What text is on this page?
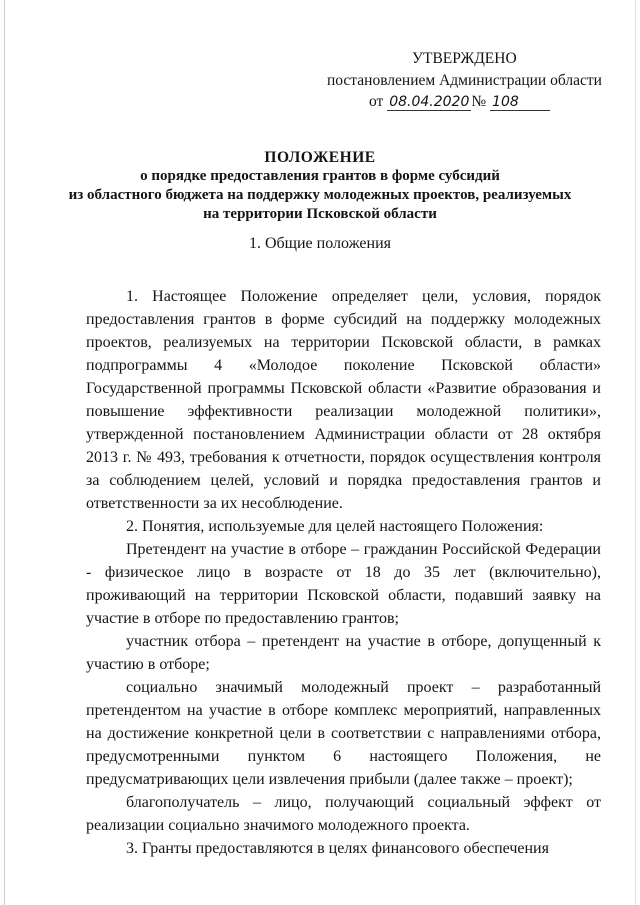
УТВЕРЖДЕНО
постановлением Администрации области
от 08.04.2020 № 108
ПОЛОЖЕНИЕ
о порядке предоставления грантов в форме субсидий
из областного бюджета на поддержку молодежных проектов, реализуемых
на территории Псковской области
1. Общие положения

1. Настоящее Положение определяет цели, условия, порядок предоставления грантов в форме субсидий на поддержку молодежных проектов, реализуемых на территории Псковской области, в рамках подпрограммы 4 «Молодое поколение Псковской области» Государственной программы Псковской области «Развитие образования и повышение эффективности реализации молодежной политики», утвержденной постановлением Администрации области от 28 октября 2013 г. № 493, требования к отчетности, порядок осуществления контроля за соблюдением целей, условий и порядка предоставления грантов и ответственности за их несоблюдение.

2. Понятия, используемые для целей настоящего Положения:

Претендент на участие в отборе – гражданин Российской Федерации - физическое лицо в возрасте от 18 до 35 лет (включительно), проживающий на территории Псковской области, подавший заявку на участие в отборе по предоставлению грантов;

участник отбора – претендент на участие в отборе, допущенный к участию в отборе;

социально значимый молодежный проект – разработанный претендентом на участие в отборе комплекс мероприятий, направленных на достижение конкретной цели в соответствии с направлениями отбора, предусмотренными пунктом 6 настоящего Положения, не предусматривающих цели извлечения прибыли (далее также – проект);

благополучатель – лицо, получающий социальный эффект от реализации социально значимого молодежного проекта.

3. Гранты предоставляются в целях финансового обеспечения
